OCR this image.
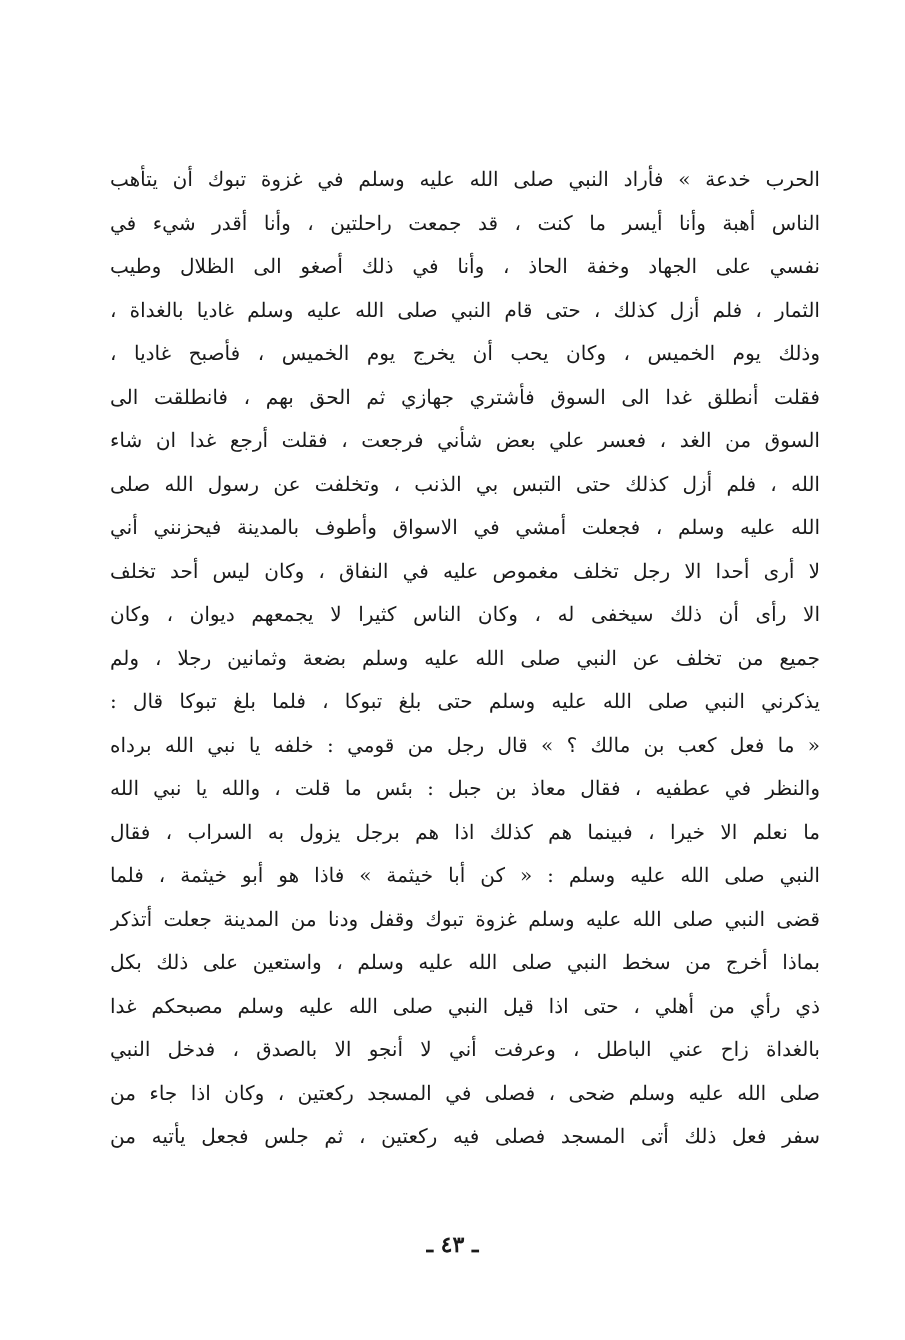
الحرب خدعة » فأراد النبي صلى الله عليه وسلم في غزوة تبوك أن يتأهب
الناس أهبة وأنا أيسر ما كنت ، قد جمعت راحلتين ، وأنا أقدر شيء في
نفسي على الجهاد وخفة الحاذ ، وأنا في ذلك أصغو الى الظلال وطيب
الثمار ، فلم أزل كذلك ، حتى قام النبي صلى الله عليه وسلم غاديا بالغداة ،
وذلك يوم الخميس ، وكان يحب أن يخرج يوم الخميس ، فأصبح غاديا ،
فقلت أنطلق غدا الى السوق فأشتري جهازي ثم الحق بهم ، فانطلقت الى
السوق من الغد ، فعسر علي بعض شأني فرجعت ، فقلت أرجع غدا ان شاء
الله ، فلم أزل كذلك حتى التبس بي الذنب ، وتخلفت عن رسول الله صلى
الله عليه وسلم ، فجعلت أمشي في الاسواق وأطوف بالمدينة فيحزنني أني
لا أرى أحدا الا رجل تخلف مغموص عليه في النفاق ، وكان ليس أحد تخلف
الا رأى أن ذلك سيخفى له ، وكان الناس كثيرا لا يجمعهم ديوان ، وكان
جميع من تخلف عن النبي صلى الله عليه وسلم بضعة وثمانين رجلا ، ولم
يذكرني النبي صلى الله عليه وسلم حتى بلغ تبوكا ، فلما بلغ تبوكا قال :
« ما فعل كعب بن مالك ؟ » قال رجل من قومي : خلفه يا نبي الله برداه
والنظر في عطفيه ، فقال معاذ بن جبل : بئس ما قلت ، والله يا نبي الله
ما نعلم الا خيرا ، فبينما هم كذلك اذا هم برجل يزول به السراب ، فقال
النبي صلى الله عليه وسلم : « كن أبا خيثمة » فاذا هو أبو خيثمة ، فلما
قضى النبي صلى الله عليه وسلم غزوة تبوك وقفل ودنا من المدينة جعلت أتذكر
بماذا أخرج من سخط النبي صلى الله عليه وسلم ، واستعين على ذلك بكل
ذي رأي من أهلي ، حتى اذا قيل النبي صلى الله عليه وسلم مصبحكم غدا
بالغداة زاح عني الباطل ، وعرفت أني لا أنجو الا بالصدق ، فدخل النبي
صلى الله عليه وسلم ضحى ، فصلى في المسجد ركعتين ، وكان اذا جاء من
سفر فعل ذلك أتى المسجد فصلى فيه ركعتين ، ثم جلس فجعل يأتيه من
ـ ٤٣ ـ
